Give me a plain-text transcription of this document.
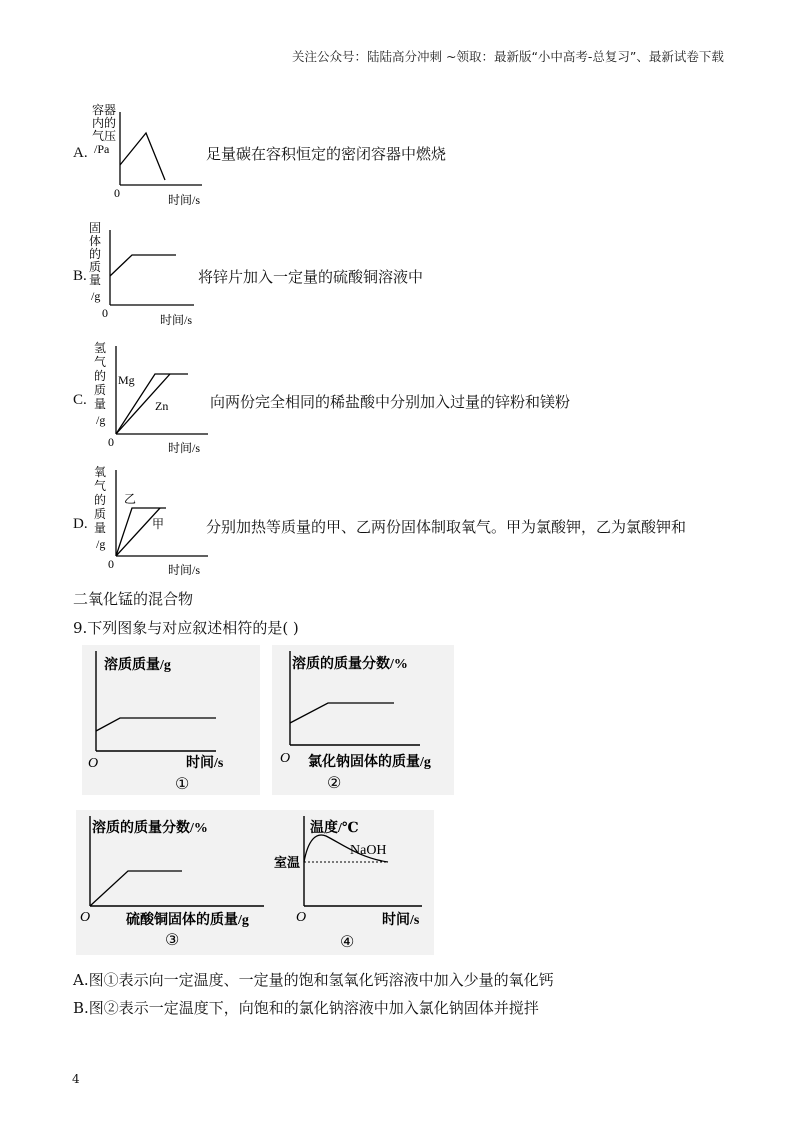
关注公众号：陆陆高分冲刺 ~领取：最新版“小中高考-总复习”、最新试卷下载
A.
容器
内的
气压
/Pa
0	时间/s
足量碳在容积恒定的密闭容器中燃烧
B.
固
体
的
质
量
/g
0	时间/s
将锌片加入一定量的硫酸铜溶液中
C.
氢
气
的
质
量
/g
Mg
Zn
0	时间/s
向两份完全相同的稀盐酸中分别加入过量的锌粉和镁粉
D.
氧
气
的
质
量
/g
乙
甲
0	时间/s
分别加热等质量的甲、乙两份固体制取氧气。甲为氯酸钾，乙为氯酸钾和
二氧化锰的混合物
9.下列图象与对应叙述相符的是( )
溶质质量/g
O	时间/s
①
溶质的质量分数/%
O 氯化钠固体的质量/g
②
溶质的质量分数/%
O	硫酸铜固体的质量/g
③
温度/℃
NaOH
室温
O	时间/s
④
A.图①表示向一定温度、一定量的饱和氢氧化钙溶液中加入少量的氧化钙
B.图②表示一定温度下，向饱和的氯化钠溶液中加入氯化钠固体并搅拌
4
